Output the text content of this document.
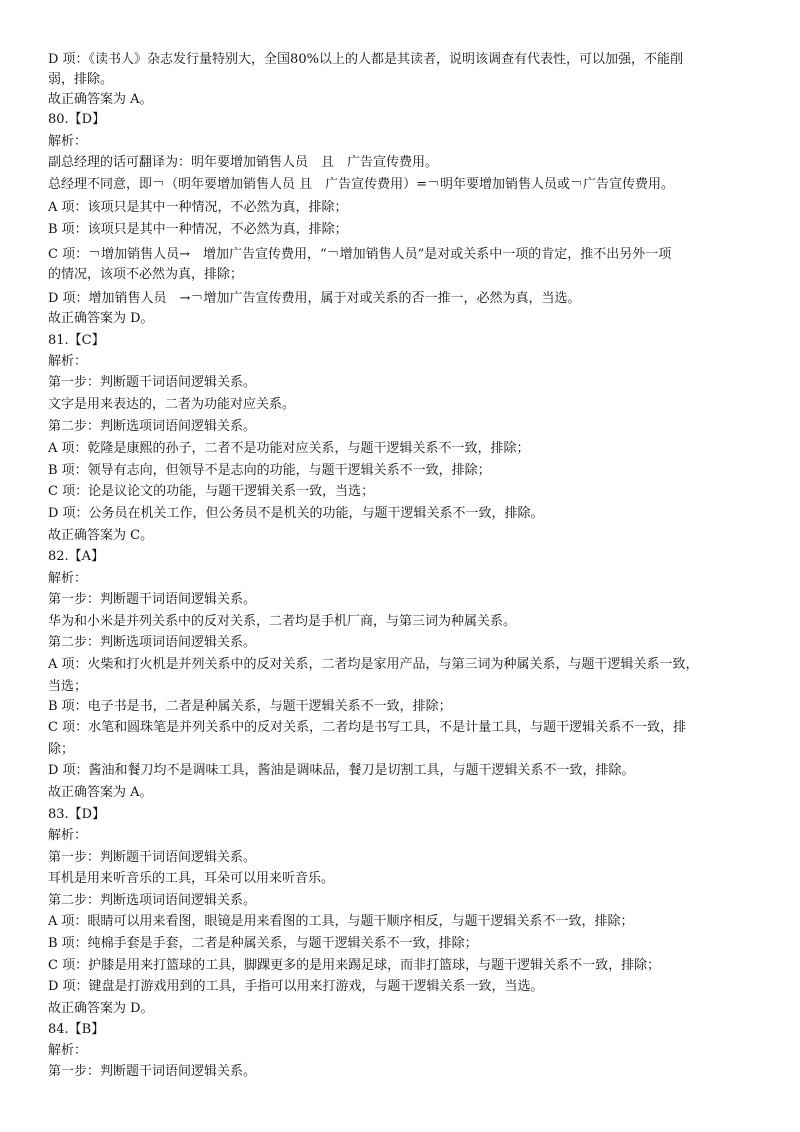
D 项：《读书人》杂志发行量特别大，全国80%以上的人都是其读者，说明该调查有代表性，可以加强，不能削
弱，排除。
故正确答案为 A。
80.【D】
解析：
副总经理的话可翻译为：明年要增加销售人员　且　广告宣传费用。
总经理不同意，即￢（明年要增加销售人员 且　广告宣传费用）=￢明年要增加销售人员或￢广告宣传费用。
A 项：该项只是其中一种情况，不必然为真，排除；
B 项：该项只是其中一种情况，不必然为真，排除；
C 项：￢增加销售人员→　增加广告宣传费用，“￢增加销售人员”是对或关系中一项的肯定，推不出另外一项
的情况，该项不必然为真，排除；
D 项：增加销售人员　→￢增加广告宣传费用，属于对或关系的否一推一，必然为真，当选。
故正确答案为 D。
81.【C】
解析：
第一步：判断题干词语间逻辑关系。
文字是用来表达的，二者为功能对应关系。
第二步：判断选项词语间逻辑关系。
A 项：乾隆是康熙的孙子，二者不是功能对应关系，与题干逻辑关系不一致，排除；
B 项：领导有志向，但领导不是志向的功能，与题干逻辑关系不一致，排除；
C 项：论是议论文的功能，与题干逻辑关系一致，当选；
D 项：公务员在机关工作，但公务员不是机关的功能，与题干逻辑关系不一致，排除。
故正确答案为 C。
82.【A】
解析：
第一步：判断题干词语间逻辑关系。
华为和小米是并列关系中的反对关系，二者均是手机厂商，与第三词为种属关系。
第二步：判断选项词语间逻辑关系。
A 项：火柴和打火机是并列关系中的反对关系，二者均是家用产品，与第三词为种属关系，与题干逻辑关系一致，
当选；
B 项：电子书是书，二者是种属关系，与题干逻辑关系不一致，排除；
C 项：水笔和圆珠笔是并列关系中的反对关系，二者均是书写工具，不是计量工具，与题干逻辑关系不一致，排
除；
D 项：酱油和餐刀均不是调味工具，酱油是调味品，餐刀是切割工具，与题干逻辑关系不一致，排除。
故正确答案为 A。
83.【D】
解析：
第一步：判断题干词语间逻辑关系。
耳机是用来听音乐的工具，耳朵可以用来听音乐。
第二步：判断选项词语间逻辑关系。
A 项：眼睛可以用来看图，眼镜是用来看图的工具，与题干顺序相反，与题干逻辑关系不一致，排除；
B 项：纯棉手套是手套，二者是种属关系，与题干逻辑关系不一致，排除；
C 项：护膝是用来打篮球的工具，脚踝更多的是用来踢足球，而非打篮球，与题干逻辑关系不一致，排除；
D 项：键盘是打游戏用到的工具，手指可以用来打游戏，与题干逻辑关系一致，当选。
故正确答案为 D。
84.【B】
解析：
第一步：判断题干词语间逻辑关系。
